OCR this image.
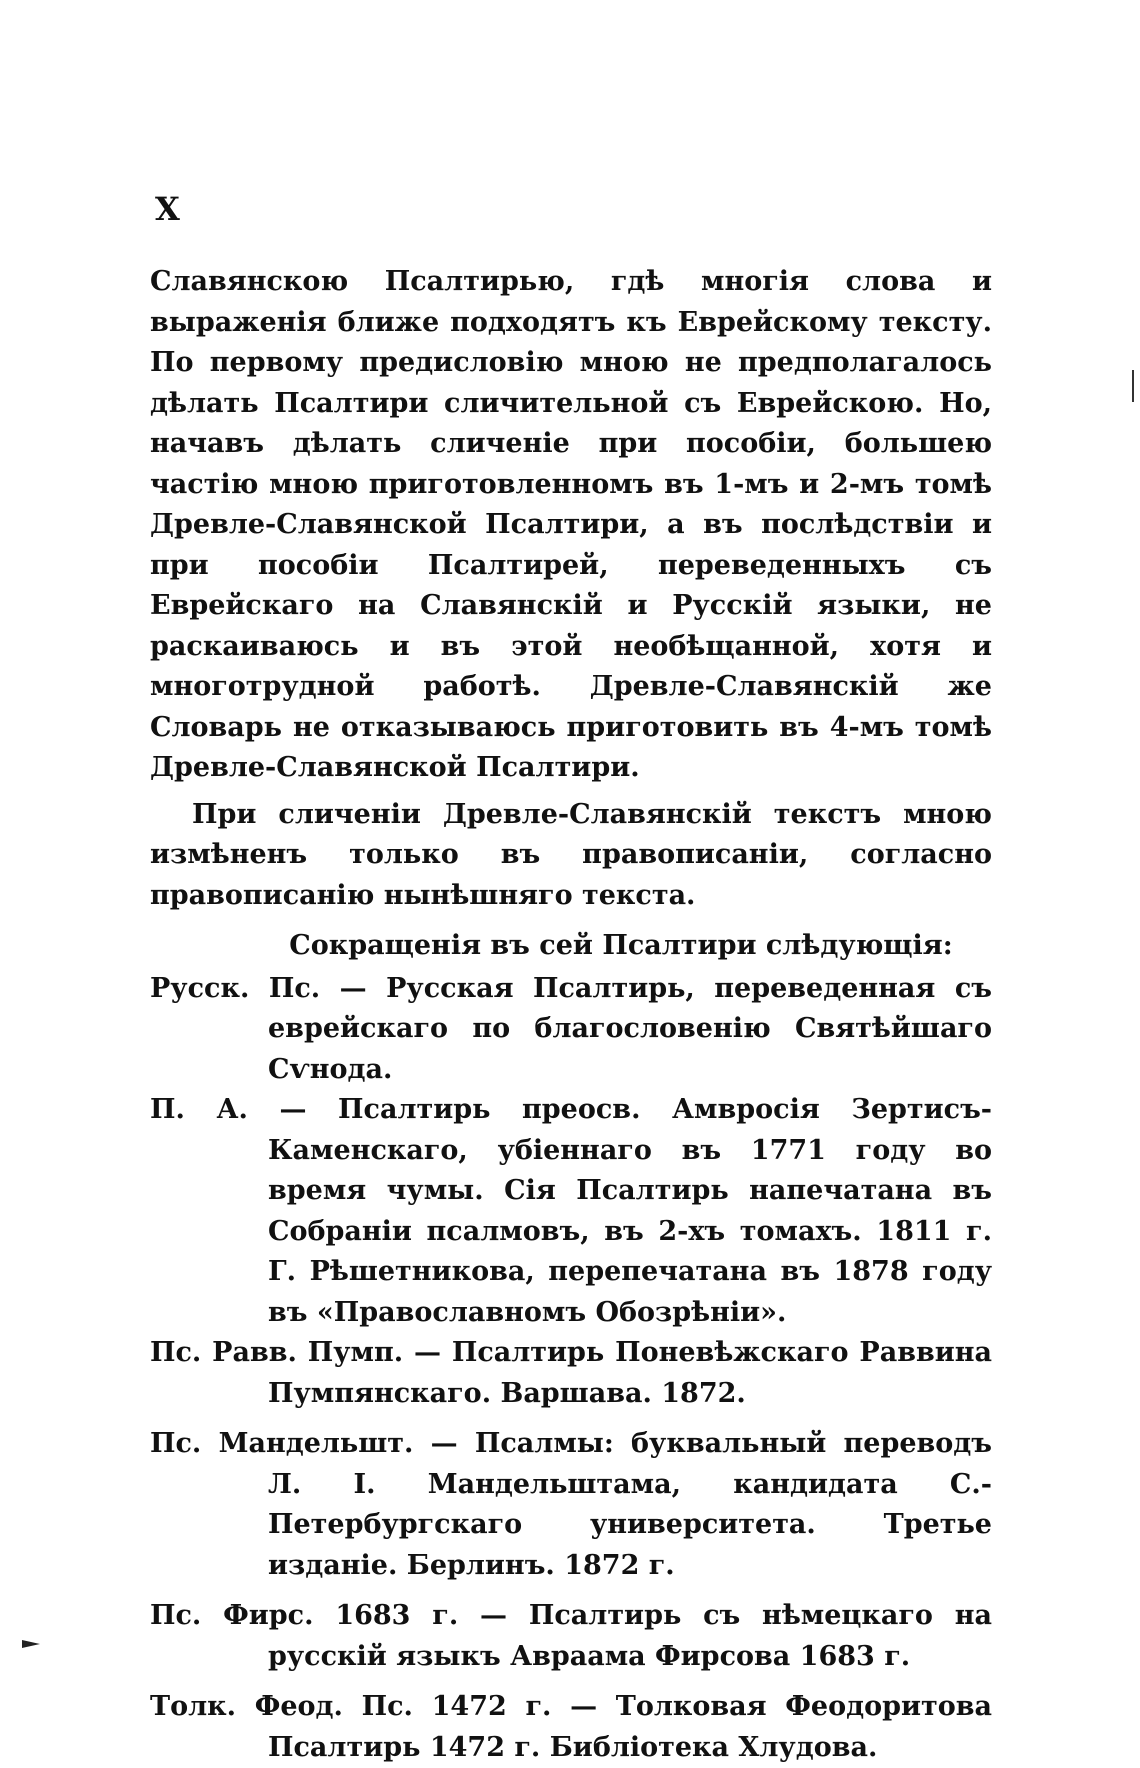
X

Славянскою Псалтирью, гдѣ многія слова и выраженія ближе подходятъ къ Еврейскому тексту. По первому предисловію мною не предполагалось дѣлать Псалтири сличительной съ Еврейскою. Но, начавъ дѣлать сличеніе при пособіи, большею частію мною приготовленномъ въ 1-мъ и 2-мъ томѣ Древле-Славянской Псалтири, а въ послѣдствіи и при пособіи Псалтирей, переведенныхъ съ Еврейскаго на Славянскій и Русскій языки, не раскаиваюсь и въ этой необѣщанной, хотя и многотрудной работѣ. Древле-Славянскій же Словарь не отказываюсь приготовить въ 4-мъ томѣ Древле-Славянской Псалтири.

При сличеніи Древле-Славянскій текстъ мною измѣненъ только въ правописаніи, согласно правописанію нынѣшняго текста.

Сокращенія въ сей Псалтири слѣдующія:

Русск. Пс. — Русская Псалтирь, переведенная съ еврейскаго по благословенію Святѣйшаго Сѵнода.

П. А. — Псалтирь преосв. Амвросія Зертисъ-Каменскаго, убіеннаго въ 1771 году во время чумы. Сія Псалтирь напечатана въ Собраніи псалмовъ, въ 2-хъ томахъ. 1811 г. Г. Рѣшетникова, перепечатана въ 1878 году въ «Православномъ Обозрѣніи».

Пс. Равв. Пумп. — Псалтирь Поневѣжскаго Раввина Пумпянскаго. Варшава. 1872.

Пс. Мандельшт. — Псалмы: буквальный переводъ Л. І. Мандельштама, кандидата С.-Петербургскаго университета. Третье изданіе. Берлинъ. 1872 г.

Пс. Фирс. 1683 г. — Псалтирь съ нѣмецкаго на русскій языкъ Авраама Фирсова 1683 г.

Толк. Феод. Пс. 1472 г. — Толковая Феодоритова Псалтирь 1472 г. Библіотека Хлудова.
